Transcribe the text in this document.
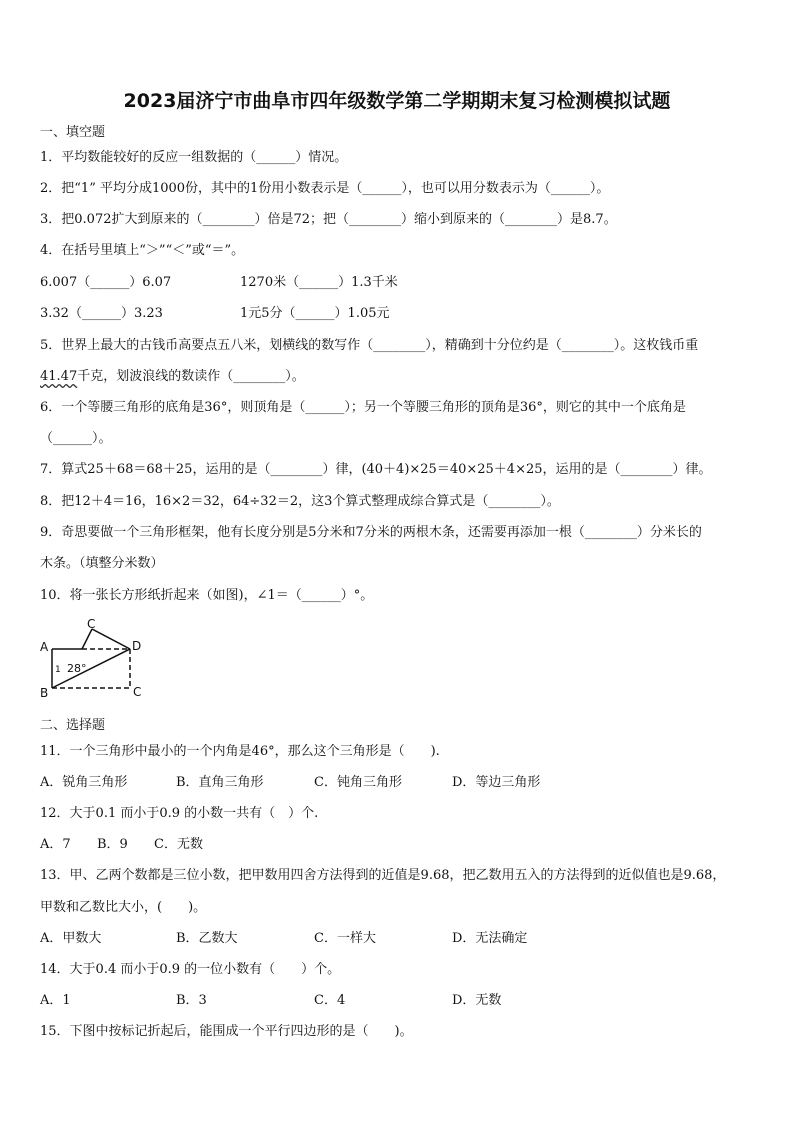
2023届济宁市曲阜市四年级数学第二学期期末复习检测模拟试题
一、填空题
1．平均数能较好的反应一组数据的（______）情况。
2．把“1” 平均分成1000份，其中的1份用小数表示是（______），也可以用分数表示为（______）。
3．把0.072扩大到原来的（________）倍是72；把（________）缩小到原来的（________）是8.7。
4．在括号里填上“＞”“＜”或“＝”。
6.007（______）6.07	1270米（______）1.3千米
3.32（______）3.23	1元5分（______）1.05元
5．世界上最大的古钱币高要点五八米，划横线的数写作（________），精确到十分位约是（________）。这枚钱币重
41.47千克，划波浪线的数读作（________）。
6．一个等腰三角形的底角是36°，则顶角是（______）；另一个等腰三角形的顶角是36°，则它的其中一个底角是
（______）。
7．算式25＋68＝68＋25，运用的是（________）律，(40＋4)×25＝40×25＋4×25，运用的是（________）律。
8．把12＋4＝16，16×2＝32，64÷32＝2，这3个算式整理成综合算式是（________）。
9．奇思要做一个三角形框架，他有长度分别是5分米和7分米的两根木条，还需要再添加一根（________）分米长的
木条。（填整分米数）
10．将一张长方形纸折起来（如图)，∠1＝（______）°。
A
C
D
B	C
1 28°
二、选择题
11．一个三角形中最小的一个内角是46°，那么这个三角形是（　　).
A．锐角三角形	B．直角三角形	C．钝角三角形	D．等边三角形
12．大于0.1 而小于0.9 的小数一共有（　）个.
A．7 B．9 C．无数
13．甲、乙两个数都是三位小数，把甲数用四舍方法得到的近值是9.68，把乙数用五入的方法得到的近似值也是9.68，
甲数和乙数比大小，(　　)。
A．甲数大	B．乙数大	C．一样大	D．无法确定
14．大于0.4 而小于0.9 的一位小数有（　　）个。
A．1	B．3	C．4	D．无数
15．下图中按标记折起后，能围成一个平行四边形的是（　　)。
